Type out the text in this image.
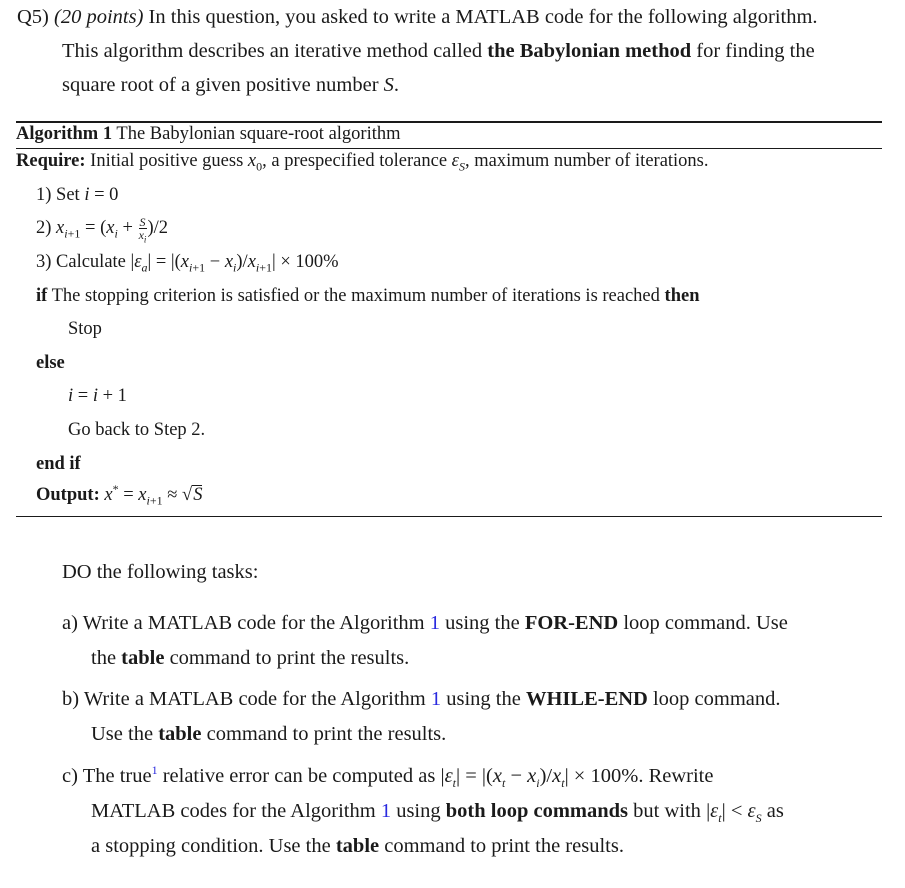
Q5) (20 points) In this question, you asked to write a MATLAB code for the following algorithm.
This algorithm describes an iterative method called the Babylonian method for finding the
square root of a given positive number S.
Algorithm 1 The Babylonian square-root algorithm
Require: Initial positive guess $x_0$, a prespecified tolerance $\varepsilon_S$, maximum number of iterations.
1) Set i = 0
2) $x_{i+1} = (x_i + \frac{S}{x_i} )/2$
3) Calculate $|\varepsilon_a| = |(x_{i+1} - x_i)/x_{i+1}| \times 100\%$
if The stopping criterion is satisfied or the maximum number of iterations is reached then
Stop
else
i = i + 1
Go back to Step 2.
end if
Output: $x^* = x_{i+1} \approx √S$
DO the following tasks:
a) Write a MATLAB code for the Algorithm 1 using the FOR-END loop command. Use
the table command to print the results.
b) Write a MATLAB code for the Algorithm 1 using the WHILE-END loop command.
Use the table command to print the results.
c) The true$^1$ relative error can be computed as $|\varepsilon_t| = |(x_t - x_i)/x_t| \times 100\%$. Rewrite
MATLAB codes for the Algorithm 1 using both loop commands but with $|\varepsilon_t| < \varepsilon_S$ as
a stopping condition. Use the table command to print the results.
